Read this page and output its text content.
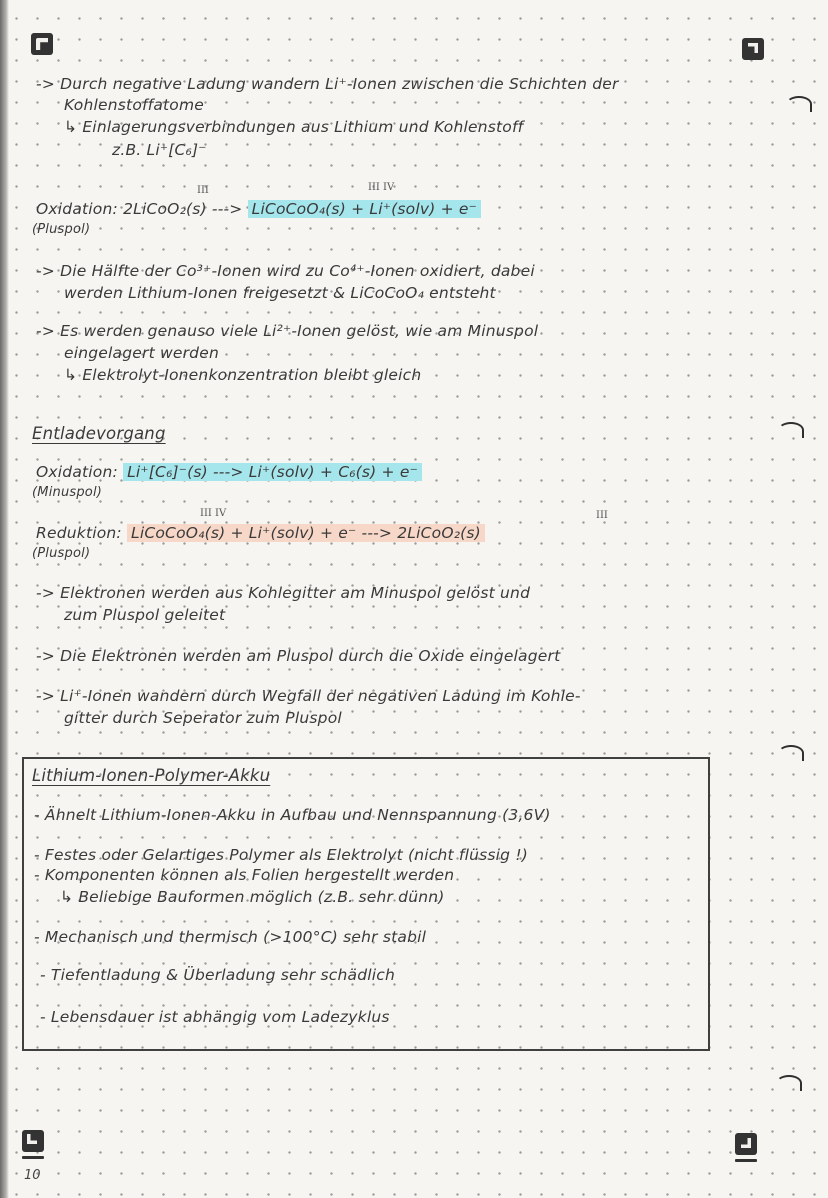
-> Durch negative Ladung wandern Li⁺-Ionen zwischen die Schichten der

Kohlenstoffatome

↳ Einlagerungsverbindungen aus Lithium und Kohlenstoff

z.B. Li⁺[C₆]⁻

III	III IV

Oxidation: 2LiCoO₂(s) ---> LiCoCoO₄(s) + Li⁺(solv) + e⁻

(Pluspol)

-> Die Hälfte der Co³⁺-Ionen wird zu Co⁴⁺-Ionen oxidiert, dabei

werden Lithium-Ionen freigesetzt & LiCoCoO₄ entsteht

-> Es werden genauso viele Li²⁺-Ionen gelöst, wie am Minuspol

eingelagert werden

↳ Elektrolyt-Ionenkonzentration bleibt gleich

Entladevorgang

Oxidation: Li⁺[C₆]⁻(s) ---> Li⁺(solv) + C₆(s) + e⁻

(Minuspol)

III IV	III

Reduktion: LiCoCoO₄(s) + Li⁺(solv) + e⁻ ---> 2LiCoO₂(s)

(Pluspol)

-> Elektronen werden aus Kohlegitter am Minuspol gelöst und

zum Pluspol geleitet

-> Die Elektronen werden am Pluspol durch die Oxide eingelagert

-> Li⁺-Ionen wandern durch Wegfall der negativen Ladung im Kohle-

gitter durch Seperator zum Pluspol

Lithium-Ionen-Polymer-Akku

- Ähnelt Lithium-Ionen-Akku in Aufbau und Nennspannung (3,6V)

- Festes oder Gelartiges Polymer als Elektrolyt (nicht flüssig !)

- Komponenten können als Folien hergestellt werden

↳ Beliebige Bauformen möglich (z.B. sehr dünn)

- Mechanisch und thermisch (>100°C) sehr stabil

- Tiefentladung & Überladung sehr schädlich

- Lebensdauer ist abhängig vom Ladezyklus

10
